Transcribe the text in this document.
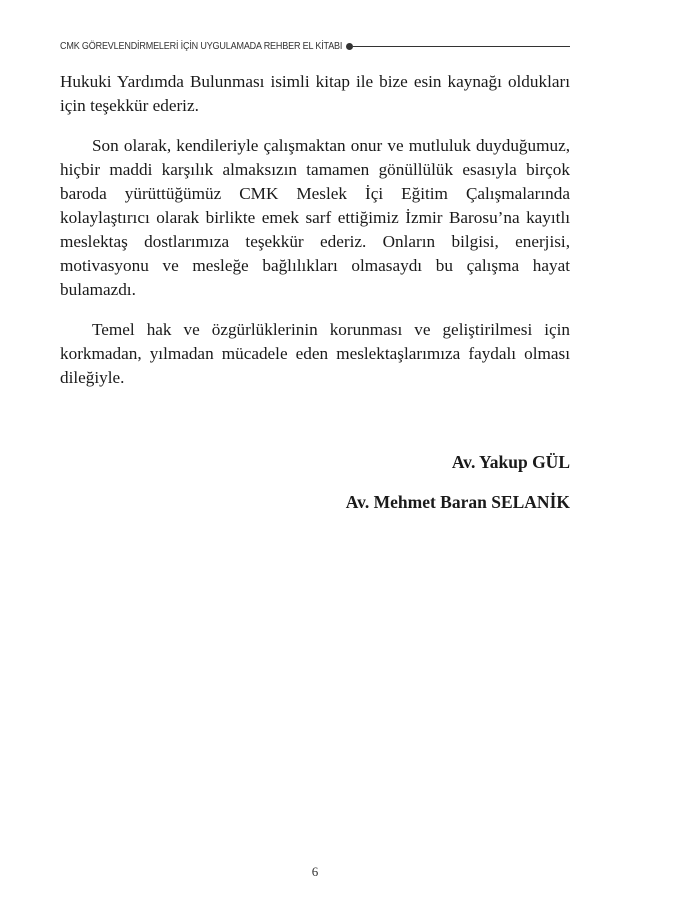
CMK GÖREVLENDİRMELERİ İÇİN UYGULAMADA REHBER EL KİTABI

Hukuki Yardımda Bulunması isimli kitap ile bize esin kaynağı oldukları için teşekkür ederiz.

Son olarak, kendileriyle çalışmaktan onur ve mutluluk duyduğumuz, hiçbir maddi karşılık almaksızın tamamen gönüllülük esasıyla birçok baroda yürüttüğümüz CMK Meslek İçi Eğitim Çalışmalarında kolaylaştırıcı olarak birlikte emek sarf ettiğimiz İzmir Barosu’na kayıtlı meslektaş dostlarımıza teşekkür ederiz. Onların bilgisi, enerjisi, motivasyonu ve mesleğe bağlılıkları olmasaydı bu çalışma hayat bulamazdı.

Temel hak ve özgürlüklerinin korunması ve geliştirilmesi için korkmadan, yılmadan mücadele eden meslektaşlarımıza faydalı olması dileğiyle.

Av. Yakup GÜL
Av. Mehmet Baran SELANİK
6
